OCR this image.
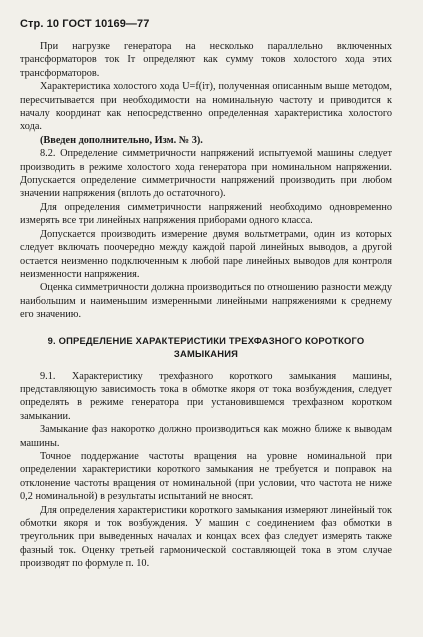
Стр. 10 ГОСТ 10169—77

При нагрузке генератора на несколько параллельно включенных трансформаторов ток Iт определяют как сумму токов холостого хода этих трансформаторов.

Характеристика холостого хода U=f(iт), полученная описанным выше методом, пересчитывается при необходимости на номинальную частоту и приводится к началу координат как непосредственно определенная характеристика холостого хода.

(Введен дополнительно, Изм. № 3).

8.2. Определение симметричности напряжений испытуемой машины следует производить в режиме холостого хода генератора при номинальном напряжении. Допускается определение симметричности напряжений производить при любом значении напряжения (вплоть до остаточного).

Для определения симметричности напряжений необходимо одновременно измерять все три линейных напряжения приборами одного класса.

Допускается производить измерение двумя вольтметрами, один из которых следует включать поочередно между каждой парой линейных выводов, а другой остается неизменно подключенным к любой паре линейных выводов для контроля неизменности напряжения.

Оценка симметричности должна производиться по отношению разности между наибольшим и наименьшим измеренными линейными напряжениями к среднему его значению.

9. ОПРЕДЕЛЕНИЕ ХАРАКТЕРИСТИКИ ТРЕХФАЗНОГО КОРОТКОГО
ЗАМЫКАНИЯ

9.1. Характеристику трехфазного короткого замыкания машины, представляющую зависимость тока в обмотке якоря от тока возбуждения, следует определять в режиме генератора при установившемся трехфазном коротком замыкании.

Замыкание фаз накоротко должно производиться как можно ближе к выводам машины.

Точное поддержание частоты вращения на уровне номинальной при определении характеристики короткого замыкания не требуется и поправок на отклонение частоты вращения от номинальной (при условии, что частота не ниже 0,2 номинальной) в результаты испытаний не вносят.

Для определения характеристики короткого замыкания измеряют линейный ток обмотки якоря и ток возбуждения. У машин с соединением фаз обмотки в треугольник при выведенных началах и концах всех фаз следует измерять также фазный ток. Оценку третьей гармонической составляющей тока в этом случае производят по формуле п. 10.
